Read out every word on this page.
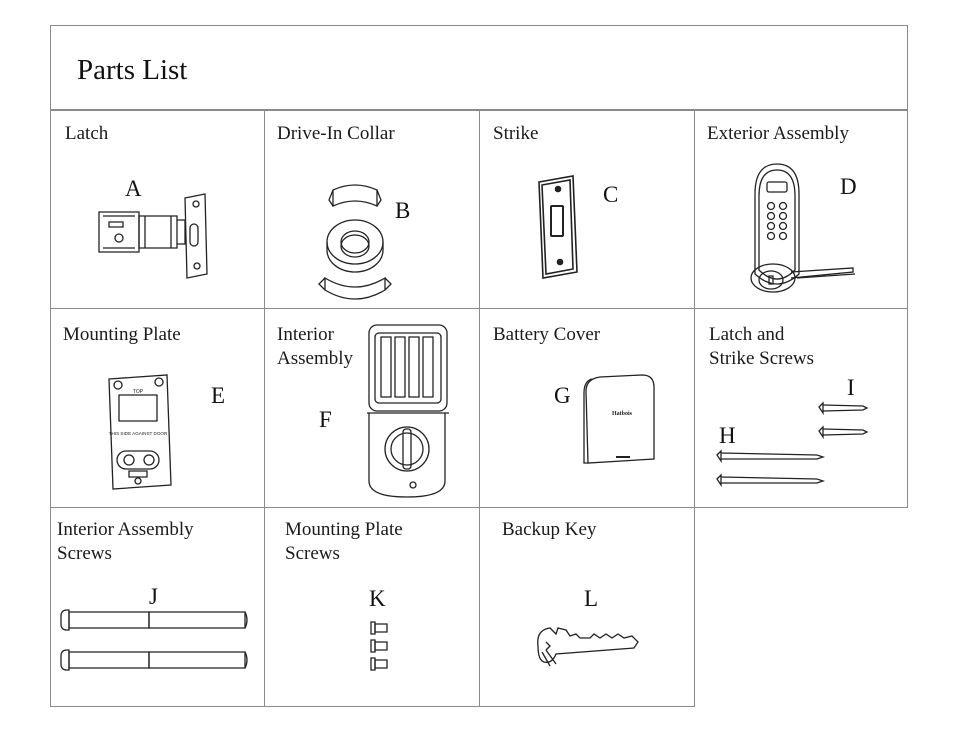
Parts List
Latch
A
Drive-In Collar
B
Strike
C
Exterior Assembly
D
Mounting Plate
E
TOP
THIS SIDE AGAINST DOOR
Interior
Assembly
F
Battery Cover
G
Hatbois
Latch and
Strike Screws
I
H
Interior Assembly
Screws
J
Mounting Plate
Screws
K
Backup Key
L
